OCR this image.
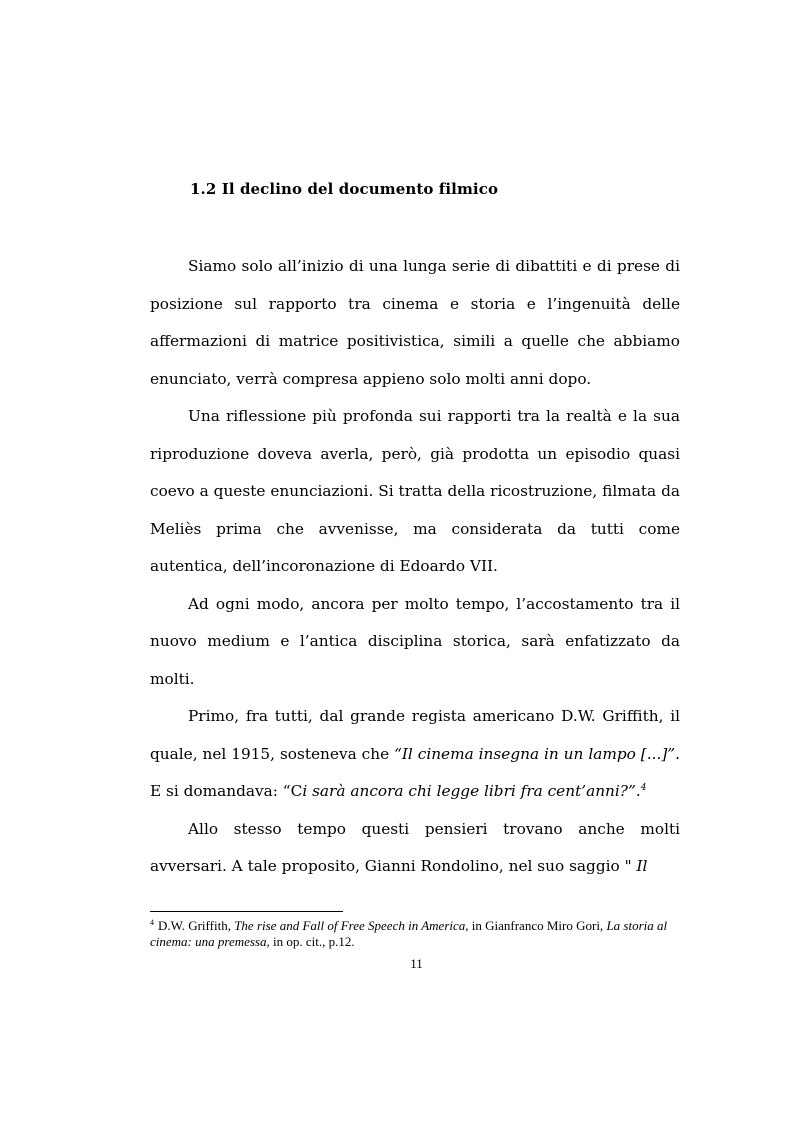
1.2 Il declino del documento filmico

Siamo solo all’inizio di una lunga serie di dibattiti e di prese di posizione sul rapporto tra cinema e storia e l’ingenuità delle affermazioni di matrice positivistica, simili a quelle che abbiamo enunciato, verrà compresa appieno solo molti anni dopo.

Una riflessione più profonda sui rapporti tra la realtà e la sua riproduzione doveva averla, però, già prodotta un episodio quasi coevo a queste enunciazioni. Si tratta della ricostruzione, filmata da Meliès prima che avvenisse, ma considerata da tutti come autentica, dell’incoronazione di Edoardo VII.

Ad ogni modo, ancora per molto tempo, l’accostamento tra il nuovo medium e l’antica disciplina storica, sarà enfatizzato da molti.

Primo, fra tutti, dal grande regista americano D.W. Griffith, il quale, nel 1915, sosteneva che “Il cinema insegna in un lampo [...]”. E si domandava: “Ci sarà ancora chi legge libri fra cent’anni?”.$^4$

Allo stesso tempo questi pensieri trovano anche molti avversari. A tale proposito, Gianni Rondolino, nel suo saggio " Il

$^4$ D.W. Griffith, The rise and Fall of Free Speech in America, in Gianfranco Miro Gori, La storia al cinema: una premessa, in op. cit., p.12.
11
